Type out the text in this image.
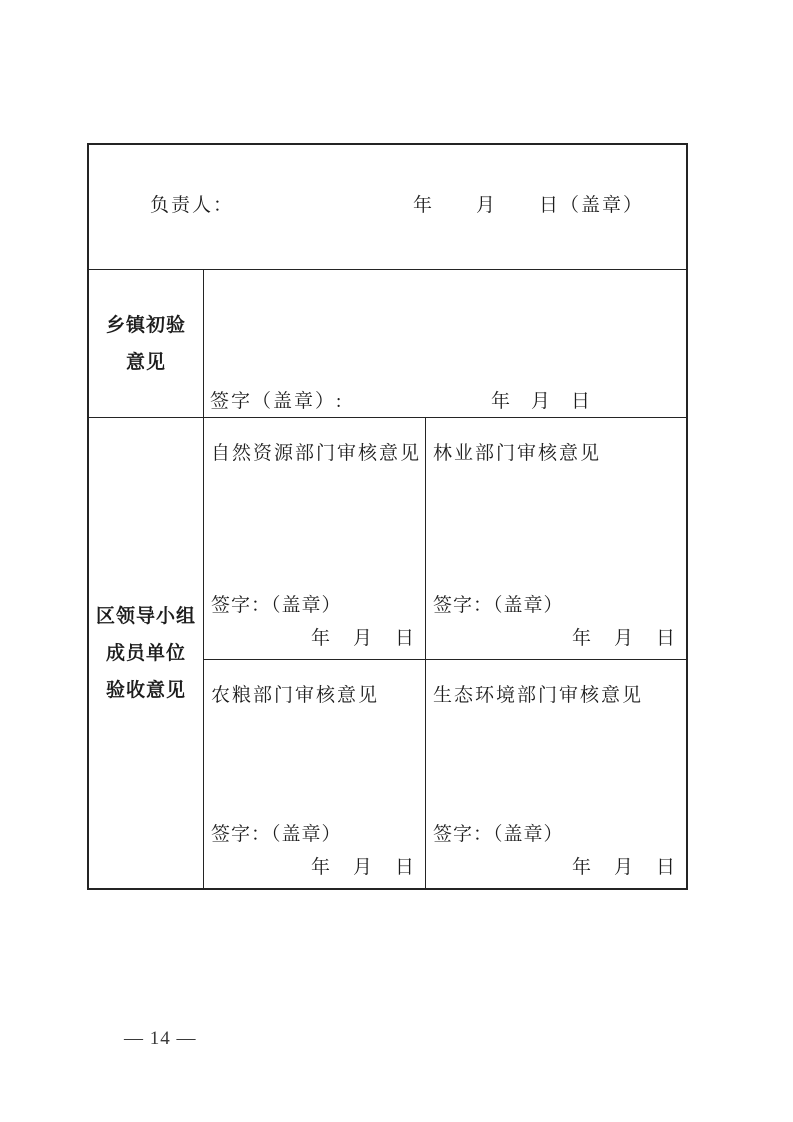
负责人：	年　　月　　日（盖章）
乡镇初验
意见
签字（盖章）:	年　月　日
区领导小组
成员单位
验收意见
自然资源部门审核意见
签字：（盖章）
年　月　日
林业部门审核意见
签字：（盖章）
年　月　日
农粮部门审核意见
签字：（盖章）
年　月　日
生态环境部门审核意见
签字：（盖章）
年　月　日
— 14 —
